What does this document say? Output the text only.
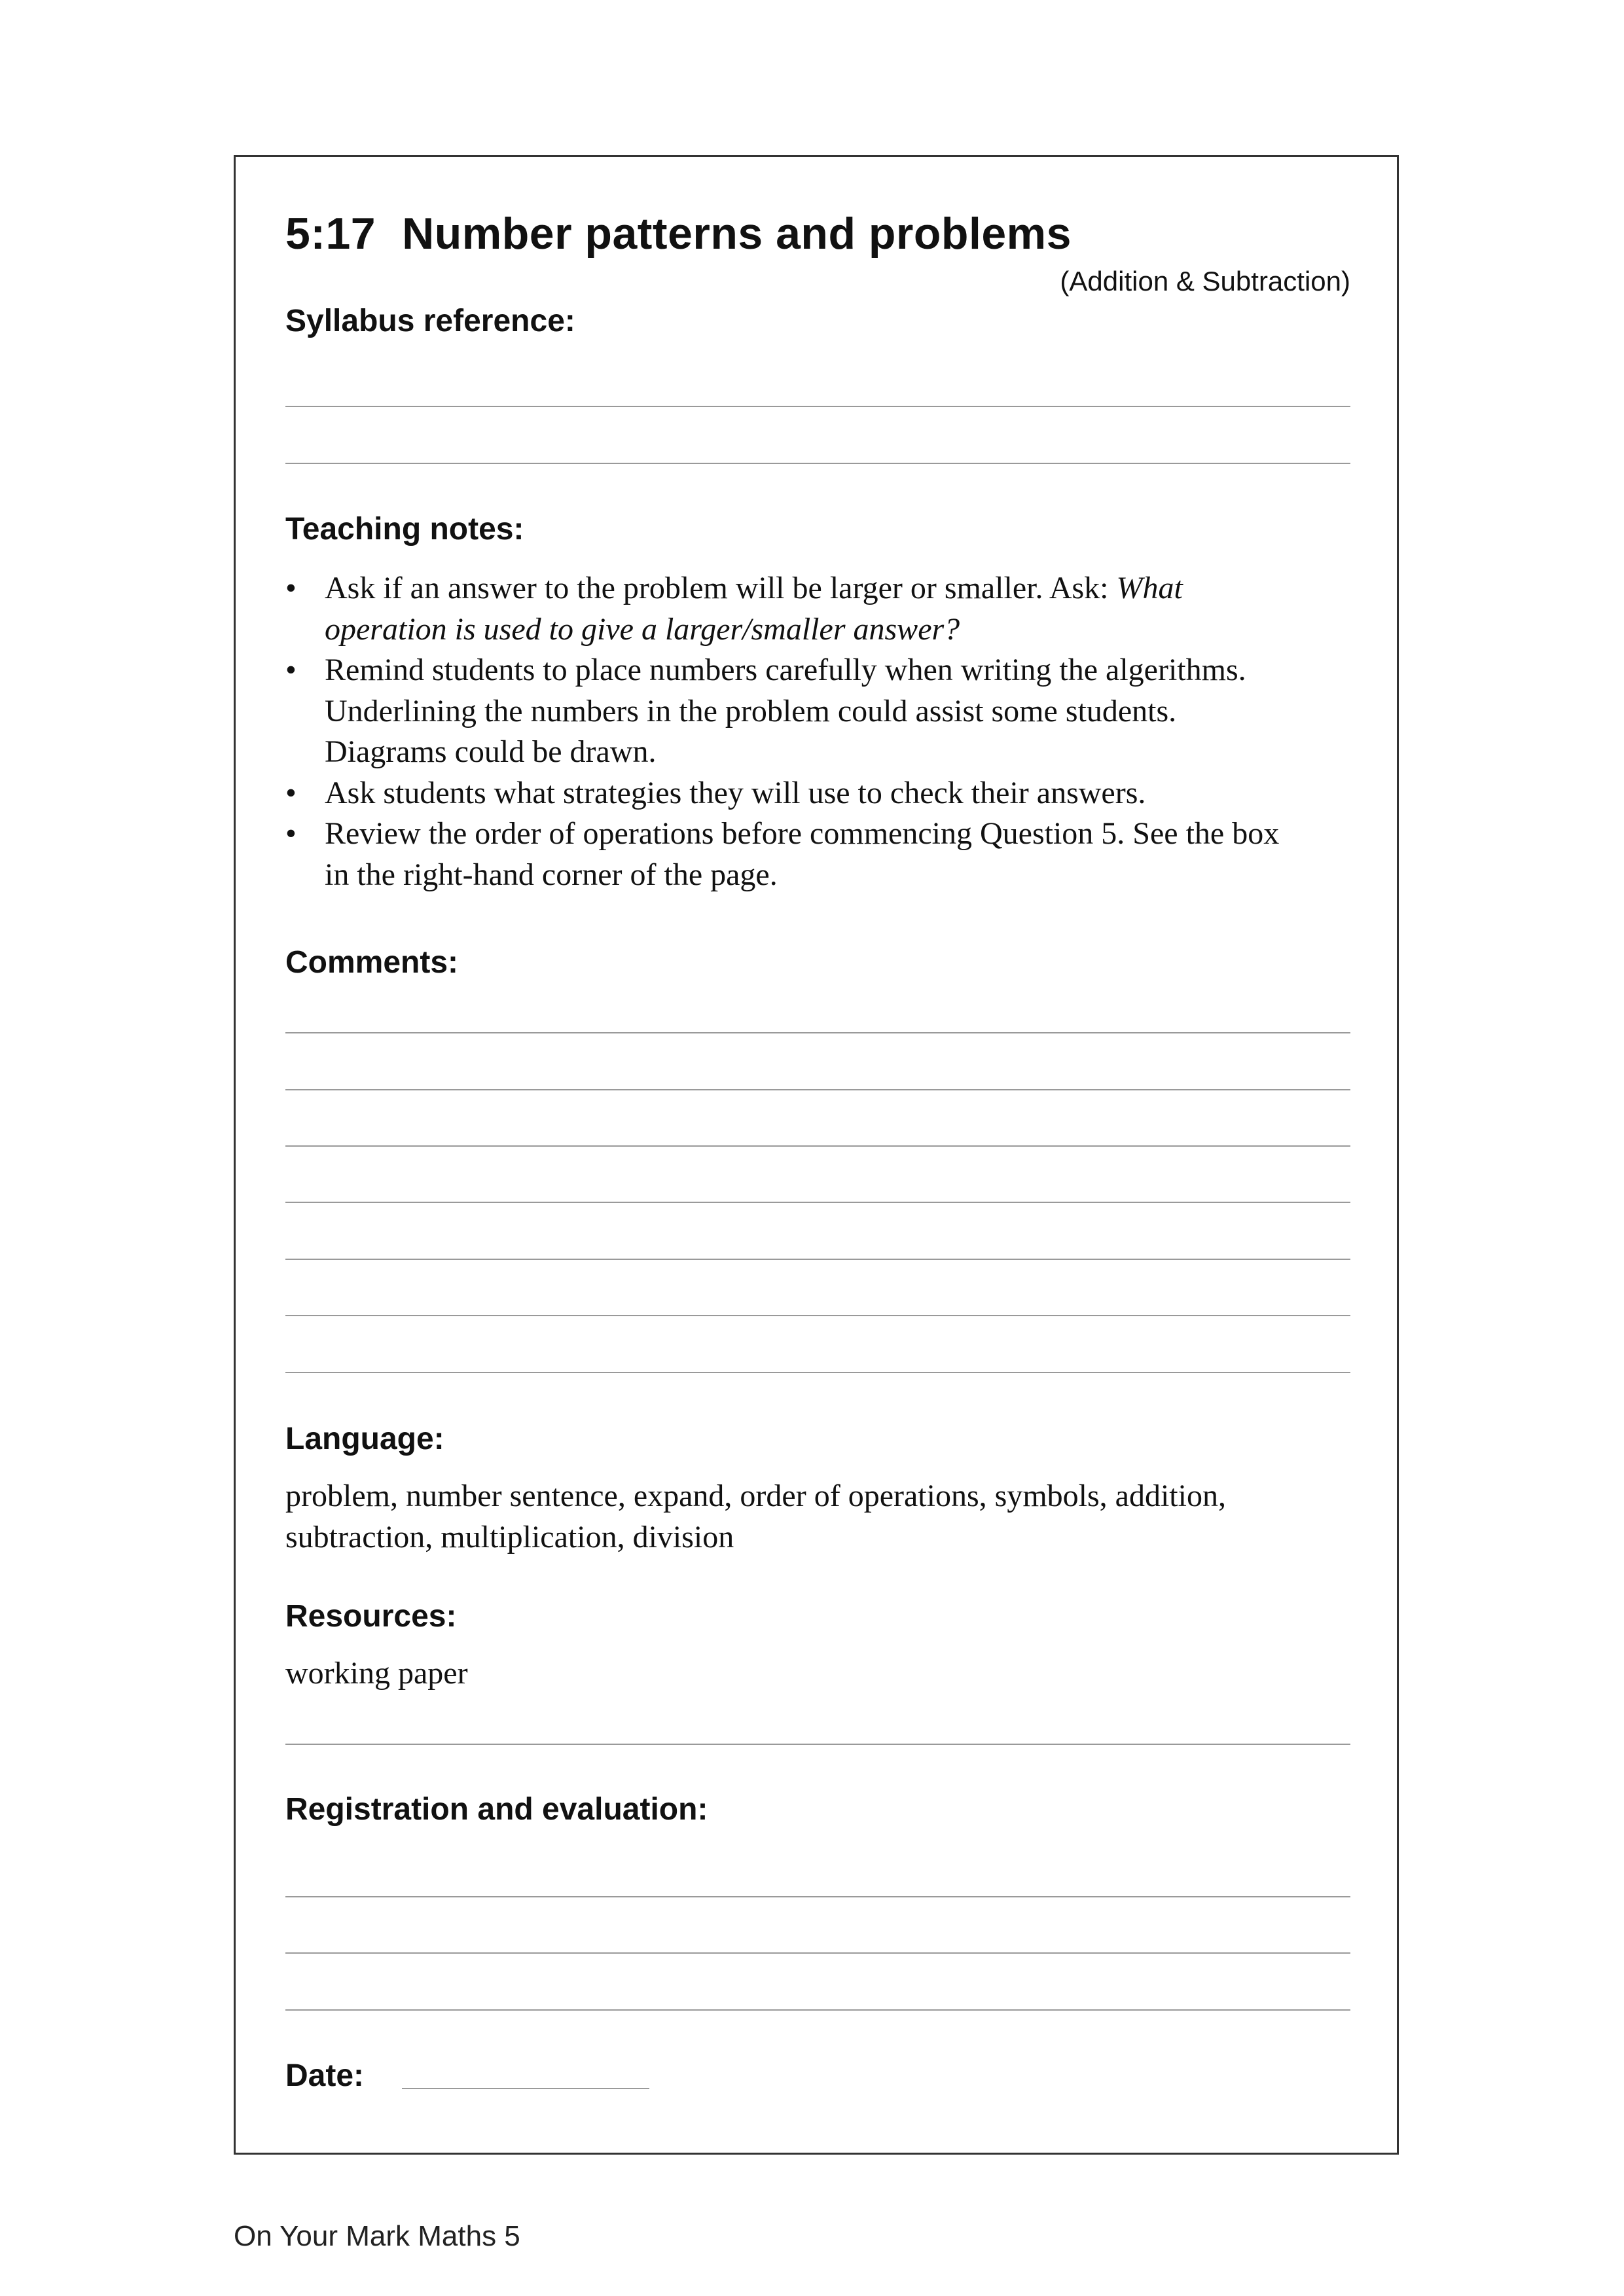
5:17 Number patterns and problems
(Addition & Subtraction)
Syllabus reference:
Teaching notes:
• Ask if an answer to the problem will be larger or smaller. Ask: What
operation is used to give a larger/smaller answer?
• Remind students to place numbers carefully when writing the algerithms.
Underlining the numbers in the problem could assist some students.
Diagrams could be drawn.
• Ask students what strategies they will use to check their answers.
• Review the order of operations before commencing Question 5. See the box
in the right-hand corner of the page.
Comments:
Language:

problem, number sentence, expand, order of operations, symbols, addition,
subtraction, multiplication, division

Resources:

working paper

Registration and evaluation:
Date:
On Your Mark Maths 5
